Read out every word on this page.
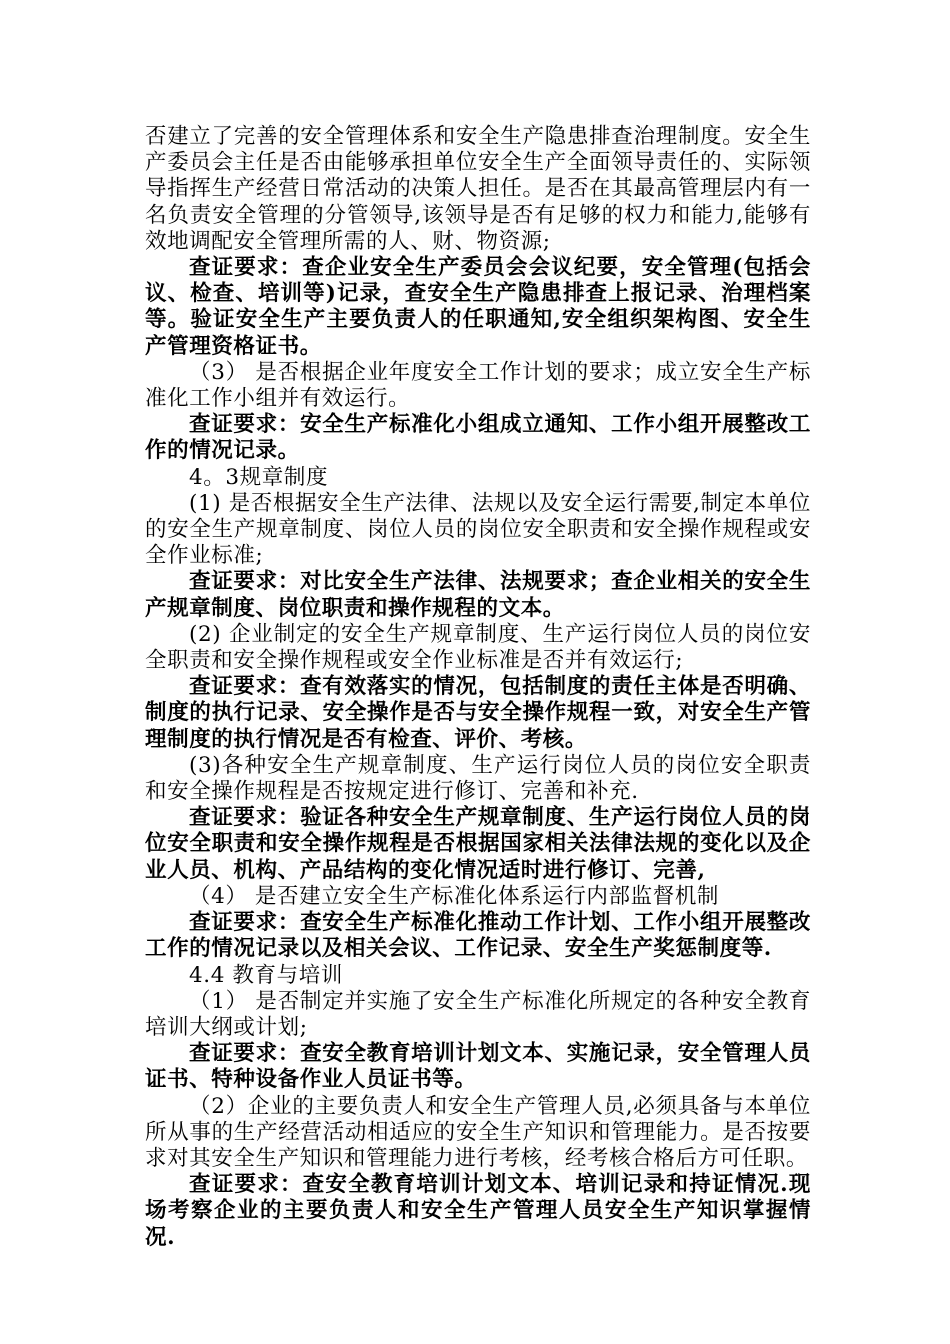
否建立了完善的安全管理体系和安全生产隐患排查治理制度。安全生产委员会主任是否由能够承担单位安全生产全面领导责任的、实际领导指挥生产经营日常活动的决策人担任。是否在其最高管理层内有一名负责安全管理的分管领导,该领导是否有足够的权力和能力,能够有效地调配安全管理所需的人、财、物资源;

查证要求：查企业安全生产委员会会议纪要，安全管理(包括会议、检查、培训等)记录，查安全生产隐患排查上报记录、治理档案等。验证安全生产主要负责人的任职通知,安全组织架构图、安全生产管理资格证书。

（3） 是否根据企业年度安全工作计划的要求；成立安全生产标准化工作小组并有效运行。

查证要求：安全生产标准化小组成立通知、工作小组开展整改工作的情况记录。

4。3规章制度

(1) 是否根据安全生产法律、法规以及安全运行需要,制定本单位的安全生产规章制度、岗位人员的岗位安全职责和安全操作规程或安全作业标准;

查证要求：对比安全生产法律、法规要求；查企业相关的安全生产规章制度、岗位职责和操作规程的文本。

(2) 企业制定的安全生产规章制度、生产运行岗位人员的岗位安全职责和安全操作规程或安全作业标准是否并有效运行;

查证要求：查有效落实的情况，包括制度的责任主体是否明确、制度的执行记录、安全操作是否与安全操作规程一致，对安全生产管理制度的执行情况是否有检查、评价、考核。

(3)各种安全生产规章制度、生产运行岗位人员的岗位安全职责和安全操作规程是否按规定进行修订、完善和补充.

查证要求：验证各种安全生产规章制度、生产运行岗位人员的岗位安全职责和安全操作规程是否根据国家相关法律法规的变化以及企业人员、机构、产品结构的变化情况适时进行修订、完善,

（4） 是否建立安全生产标准化体系运行内部监督机制

查证要求：查安全生产标准化推动工作计划、工作小组开展整改工作的情况记录以及相关会议、工作记录、安全生产奖惩制度等.

4.4 教育与培训

（1） 是否制定并实施了安全生产标准化所规定的各种安全教育培训大纲或计划;

查证要求：查安全教育培训计划文本、实施记录，安全管理人员证书、特种设备作业人员证书等。

（2）企业的主要负责人和安全生产管理人员,必须具备与本单位所从事的生产经营活动相适应的安全生产知识和管理能力。是否按要求对其安全生产知识和管理能力进行考核，经考核合格后方可任职。

查证要求：查安全教育培训计划文本、培训记录和持证情况.现场考察企业的主要负责人和安全生产管理人员安全生产知识掌握情况.
